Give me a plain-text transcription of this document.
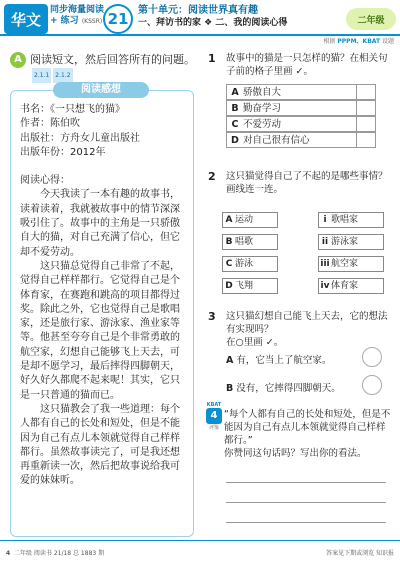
华文
同步海量阅读
+ 练习 (KSSR) 21 第十单元：阅读世界真有趣
一、拜访书的家 ❖ 二、我的阅读心得	二年级
根据 PPPM、KBAT 设题
A 阅读短文，然后回答所有的问题。2.1.1 2.1.2
阅读感想

书名：《一只想飞的猫》

作者：陈伯吹

出版社：方舟女儿童出版社

出版年份：2012年

阅读心得：

今天我读了一本有趣的故事书，读着读着，我就被故事中的情节深深吸引住了。故事中的主角是一只骄傲自大的猫，对自己充满了信心，但它却不爱劳动。

这只猫总觉得自己非常了不起，觉得自己样样都行。它觉得自己是个体育家，在赛跑和跳高的项目都得过奖。除此之外，它也觉得自己是歌唱家，还是旅行家、游泳家、渔业家等等。他甚至夸夸自己是个非常勇敢的航空家，幻想自己能够飞上天去，可是却不愿学习，最后摔得四脚朝天，好久好久都爬不起来呢！其实，它只是一只普通的猫而已。

这只猫教会了我一些道理：每个人都有自己的长处和短处，但是不能因为自己有点儿本领就觉得自己样样都行。虽然故事读完了，可是我还想再重新读一次，然后把故事说给我可爱的妹妹听。

1 故事中的猫是一只怎样的猫？在相关句子前的格子里画 ✓。
A 骄傲自大
B 勤奋学习
C 不爱劳动
D 对自己很有信心
2 这只猫觉得自己了不起的是哪些事情？
画线连一连。
A 运动
B 唱歌
C 游泳
D 飞翔
i 歌唱家
ii 游泳家
iii航空家
iv 体育家
3 这只猫幻想自己能飞上天去，它的想法有实现吗？
在○里画 ✓。
A 有，它当上了航空家。
B 没有，它摔得四脚朝天。
KBAT
4
评鉴
“每个人都有自己的长处和短处，但是不能因为自己有点儿本领就觉得自己样样都行。”
你赞同这句话吗？写出你的看法。
4 二年级 阅读书 21/18 总 1883 期	答案见下期或浏览 知识报
